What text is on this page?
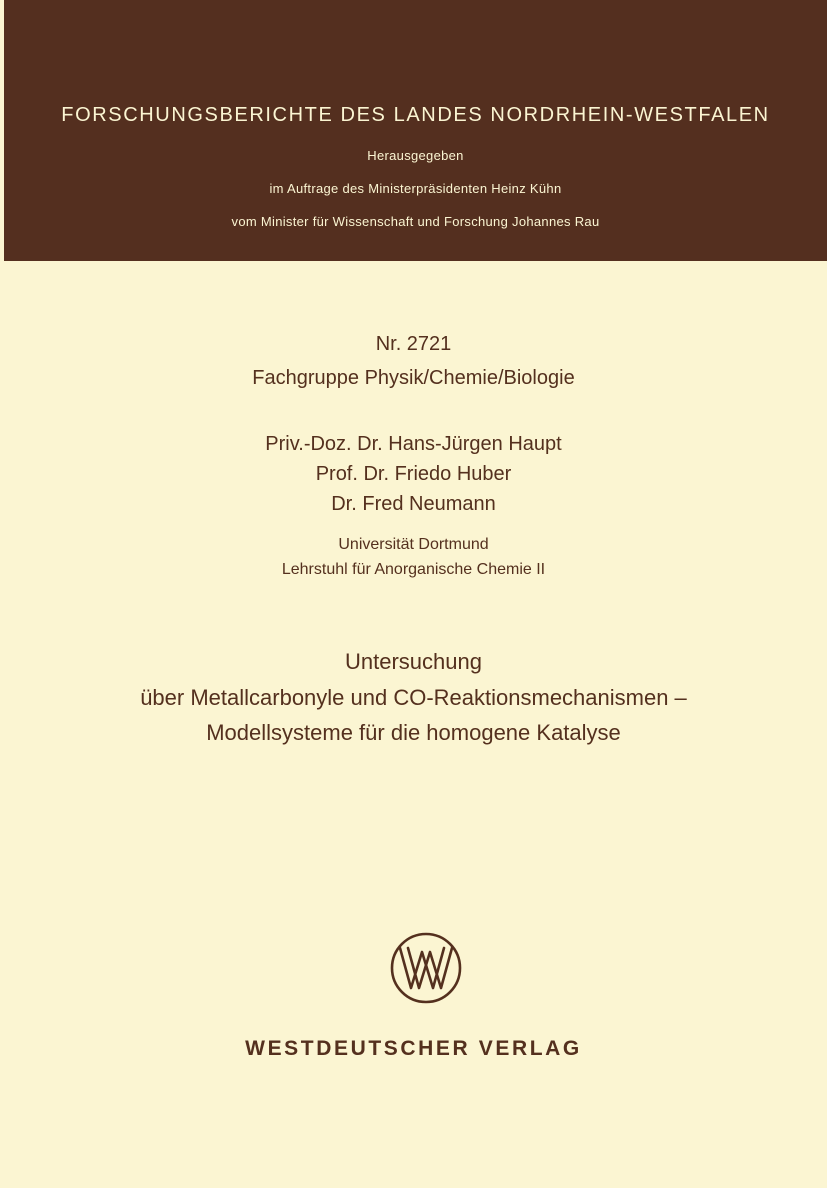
FORSCHUNGSBERICHTE DES LANDES NORDRHEIN-WESTFALEN
Herausgegeben
im Auftrage des Ministerpräsidenten Heinz Kühn
vom Minister für Wissenschaft und Forschung Johannes Rau
Nr. 2721
Fachgruppe Physik/Chemie/Biologie
Priv.-Doz. Dr. Hans-Jürgen Haupt
Prof. Dr. Friedo Huber
Dr. Fred Neumann
Universität Dortmund
Lehrstuhl für Anorganische Chemie II
Untersuchung
über Metallcarbonyle und CO-Reaktionsmechanismen –
Modellsysteme für die homogene Katalyse
WESTDEUTSCHER VERLAG
